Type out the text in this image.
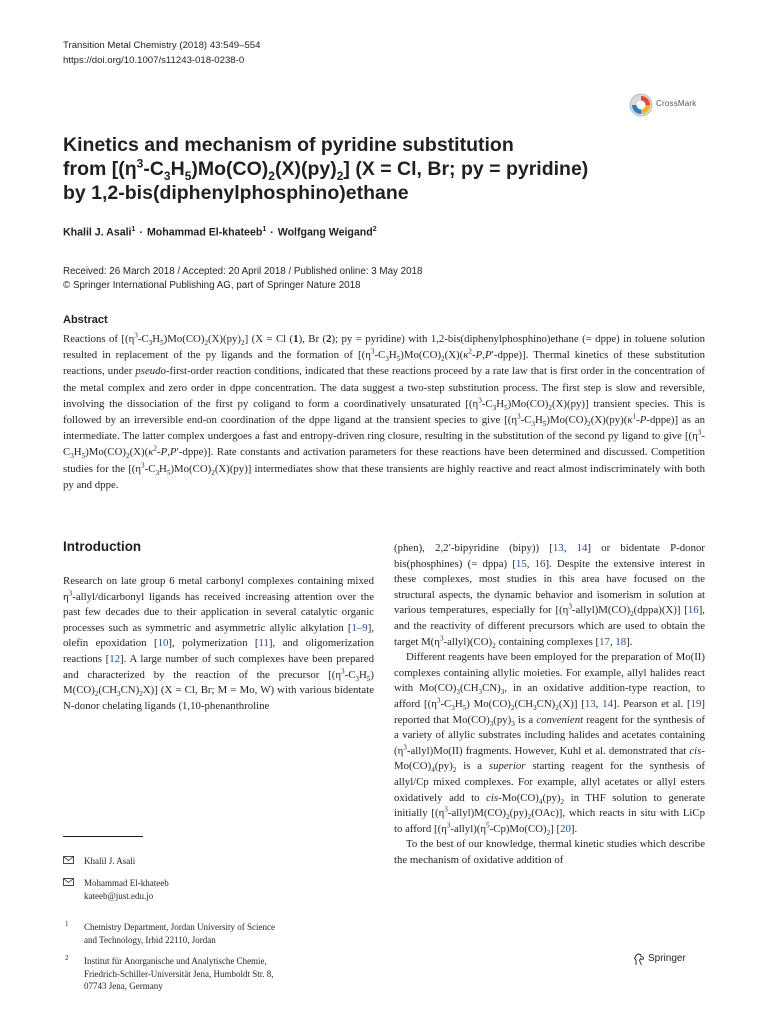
Transition Metal Chemistry (2018) 43:549–554
https://doi.org/10.1007/s11243-018-0238-0
CrossMark
Kinetics and mechanism of pyridine substitution
from $[(\eta^3-C_3H_5)Mo(CO)_2(X)(py)_2] (X = Cl$, Br; py = pyridine)
by 1,2-bis(diphenylphosphino)ethane
Khalil J. Asali$^1$ · Mohammad El-khateeb$^1$ · Wolfgang Weigand$^2$
Received: 26 March 2018 / Accepted: 20 April 2018 / Published online: 3 May 2018
© Springer International Publishing AG, part of Springer Nature 2018
Abstract

Reactions of $[(\eta^3-C_3H_5)Mo(CO)_2(X)(py)_2] (X = Cl$ (1), Br (2); py = pyridine) with 1,2-bis(diphenylphosphino)ethane (= dppe) in toluene solution resulted in replacement of the py ligands and the formation of $[(\eta^3-C_3H_5)Mo(CO)_2(X)(\kappa^2-P,P'-dppe)]$. Thermal kinetics of these substitution reactions, under pseudo-first-order reaction conditions, indicated that these reactions proceed by a rate law that is first order in the concentration of the metal complex and zero order in dppe concentration. The data suggest a two-step substitution process. The first step is slow and reversible, involving the dissociation of the first py coligand to form a coordinatively unsaturated $[(\eta^3-C_3H_5)Mo(CO)_2(X)(py)]$ transient species. This is followed by an irreversible end-on coordination of the dppe ligand at the transient species to give $[(\eta^3-C_3H_5)Mo(CO)_2(X)(py)(\kappa^1-P-dppe)]$ as an intermediate. The latter complex undergoes a fast and entropy-driven ring closure, resulting in the substitution of the second py ligand to give $[(\eta^3-C_3H_5)Mo(CO)_2(X)(\kappa^2-P,P'-dppe)]$. Rate constants and activation parameters for these reactions have been determined and discussed. Competition studies for the $[(\eta^3-C_3H_5)Mo(CO)_2(X)(py)]$ intermediates show that these transients are highly reactive and react almost indiscriminately with both py and dppe.

Introduction

Research on late group 6 metal carbonyl complexes containing mixed $\eta^3-allyl$/dicarbonyl ligands has received increasing attention over the past few decades due to their application in several catalytic organic processes such as symmetric and asymmetric allylic alkylation [1–9], olefin epoxidation [10], polymerization [11], and oligomerization reactions [12]. A large number of such complexes have been prepared and characterized by the reaction of the precursor [$(\eta^3-C_3H_5)$ $M(CO)_2(CH_3CN)_2X$)] (X = Cl, Br; M = Mo, W) with various bidentate N-donor chelating ligands (1,10-phenanthroline

(phen), 2,2′-bipyridine (bipy)) [13, 14] or bidentate P-donor bis(phosphines) (= dppa) [15, 16]. Despite the extensive interest in these complexes, most studies in this area have focused on the structural aspects, the dynamic behavior and isomerism in solution at various temperatures, especially for $[(\eta^3-allyl)M(CO)_2(dppa)(X)]$ [16], and the reactivity of different precursors which are used to obtain the target $M(\eta^3-allyl)(CO)_2$ containing complexes [17, 18].

Different reagents have been employed for the preparation of Mo(II) complexes containing allylic moieties. For example, allyl halides react with $Mo(CO)_3(CH_3CN)_3$, in an oxidative addition-type reaction, to afford [$(\eta^3-C_3H_5)$ $Mo(CO)_2(CH_3CN)_2(X)$] [13, 14]. Pearson et al. [19] reported that $Mo(CO)_3(py)_3$ is a convenient reagent for the synthesis of a variety of allylic substrates including halides and acetates containing $(\eta^3-allyl)Mo(II)$ fragments. However, Kuhl et al. demonstrated that cis-$Mo(CO)_4(py)_2$ is a superior starting reagent for the synthesis of allyl/Cp mixed complexes. For example, allyl acetates or allyl esters oxidatively add to cis-$Mo(CO)_4(py)_2$ in THF solution to generate initially $[(\eta^3-allyl)M(CO)_2(py)_2(OAc)]$, which reacts in situ with LiCp to afford $[(\eta^3-allyl)(\eta^5-Cp)Mo(CO)_2]$ [20].

To the best of our knowledge, thermal kinetic studies which describe the mechanism of oxidative addition of

Khalil J. Asali
Mohammad El-khateeb
kateeb@just.edu.jo
1 Chemistry Department, Jordan University of Science
and Technology, Irbid 22110, Jordan
2 Institut für Anorganische und Analytische Chemie,
Friedrich-Schiller-Universität Jena, Humboldt Str. 8,
07743 Jena, Germany
Springer
